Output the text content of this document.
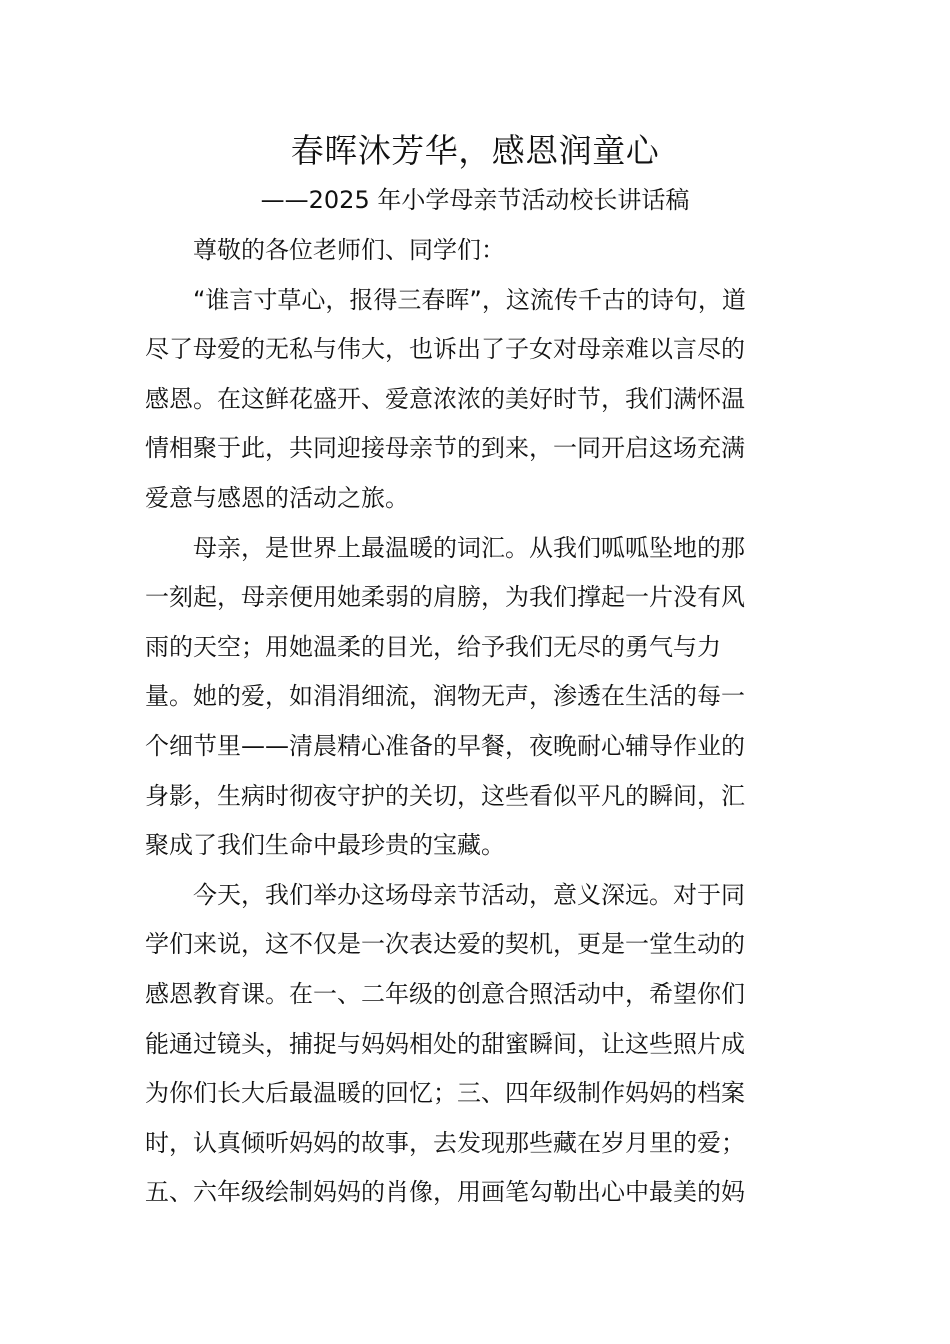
春晖沐芳华，感恩润童心
——2025 年小学母亲节活动校长讲话稿
尊敬的各位老师们、同学们：
“谁言寸草心，报得三春晖”，这流传千古的诗句，道
尽了母爱的无私与伟大，也诉出了子女对母亲难以言尽的
感恩。在这鲜花盛开、爱意浓浓的美好时节，我们满怀温
情相聚于此，共同迎接母亲节的到来，一同开启这场充满
爱意与感恩的活动之旅。
母亲，是世界上最温暖的词汇。从我们呱呱坠地的那
一刻起，母亲便用她柔弱的肩膀，为我们撑起一片没有风
雨的天空；用她温柔的目光，给予我们无尽的勇气与力
量。她的爱，如涓涓细流，润物无声，渗透在生活的每一
个细节里——清晨精心准备的早餐，夜晚耐心辅导作业的
身影，生病时彻夜守护的关切，这些看似平凡的瞬间，汇
聚成了我们生命中最珍贵的宝藏。
今天，我们举办这场母亲节活动，意义深远。对于同
学们来说，这不仅是一次表达爱的契机，更是一堂生动的
感恩教育课。在一、二年级的创意合照活动中，希望你们
能通过镜头，捕捉与妈妈相处的甜蜜瞬间，让这些照片成
为你们长大后最温暖的回忆；三、四年级制作妈妈的档案
时，认真倾听妈妈的故事，去发现那些藏在岁月里的爱；
五、六年级绘制妈妈的肖像，用画笔勾勒出心中最美的妈
